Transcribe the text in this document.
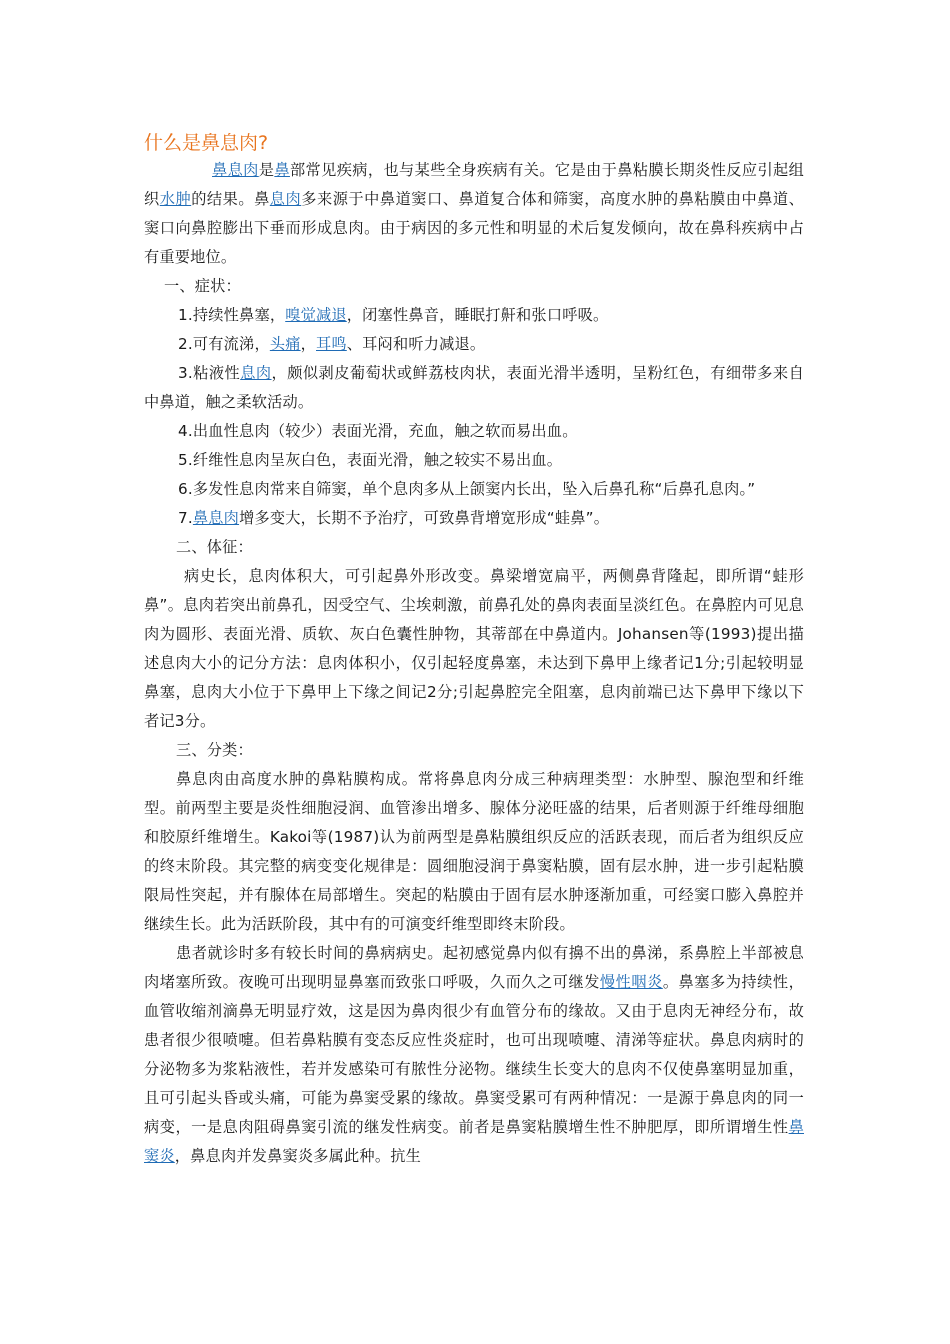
什么是鼻息肉?

鼻息肉是鼻部常见疾病，也与某些全身疾病有关。它是由于鼻粘膜长期炎性反应引起组织水肿的结果。鼻息肉多来源于中鼻道窦口、鼻道复合体和筛窦，高度水肿的鼻粘膜由中鼻道、窦口向鼻腔膨出下垂而形成息肉。由于病因的多元性和明显的术后复发倾向，故在鼻科疾病中占有重要地位。

一、症状：

1.持续性鼻塞，嗅觉减退，闭塞性鼻音，睡眠打鼾和张口呼吸。

2.可有流涕，头痛，耳鸣、耳闷和听力减退。

3.粘液性息肉，颇似剥皮葡萄状或鲜荔枝肉状，表面光滑半透明，呈粉红色，有细带多来自中鼻道，触之柔软活动。

4.出血性息肉（较少）表面光滑，充血，触之软而易出血。

5.纤维性息肉呈灰白色，表面光滑，触之较实不易出血。

6.多发性息肉常来自筛窦，单个息肉多从上颌窦内长出，坠入后鼻孔称“后鼻孔息肉。”

7.鼻息肉增多变大，长期不予治疗，可致鼻背增宽形成“蛙鼻”。

二、体征：

病史长，息肉体积大，可引起鼻外形改变。鼻梁增宽扁平，两侧鼻背隆起，即所谓“蛙形鼻”。息肉若突出前鼻孔，因受空气、尘埃刺激，前鼻孔处的鼻肉表面呈淡红色。在鼻腔内可见息肉为圆形、表面光滑、质软、灰白色囊性肿物，其蒂部在中鼻道内。Johansen等(1993)提出描述息肉大小的记分方法：息肉体积小，仅引起轻度鼻塞，未达到下鼻甲上缘者记1分;引起较明显鼻塞，息肉大小位于下鼻甲上下缘之间记2分;引起鼻腔完全阻塞，息肉前端已达下鼻甲下缘以下者记3分。

三、分类：

鼻息肉由高度水肿的鼻粘膜构成。常将鼻息肉分成三种病理类型：水肿型、腺泡型和纤维型。前两型主要是炎性细胞浸润、血管渗出增多、腺体分泌旺盛的结果，后者则源于纤维母细胞和胶原纤维增生。Kakoi等(1987)认为前两型是鼻粘膜组织反应的活跃表现，而后者为组织反应的终末阶段。其完整的病变变化规律是：圆细胞浸润于鼻窦粘膜，固有层水肿，进一步引起粘膜限局性突起，并有腺体在局部增生。突起的粘膜由于固有层水肿逐渐加重，可经窦口膨入鼻腔并继续生长。此为活跃阶段，其中有的可演变纤维型即终末阶段。

患者就诊时多有较长时间的鼻病病史。起初感觉鼻内似有擤不出的鼻涕，系鼻腔上半部被息肉堵塞所致。夜晚可出现明显鼻塞而致张口呼吸，久而久之可继发慢性咽炎。鼻塞多为持续性，血管收缩剂滴鼻无明显疗效，这是因为鼻肉很少有血管分布的缘故。又由于息肉无神经分布，故患者很少很喷嚏。但若鼻粘膜有变态反应性炎症时，也可出现喷嚏、清涕等症状。鼻息肉病时的分泌物多为浆粘液性，若并发感染可有脓性分泌物。继续生长变大的息肉不仅使鼻塞明显加重，且可引起头昏或头痛，可能为鼻窦受累的缘故。鼻窦受累可有两种情况：一是源于鼻息肉的同一病变，一是息肉阻碍鼻窦引流的继发性病变。前者是鼻窦粘膜增生性不肿肥厚，即所谓增生性鼻窦炎，鼻息肉并发鼻窦炎多属此种。抗生
